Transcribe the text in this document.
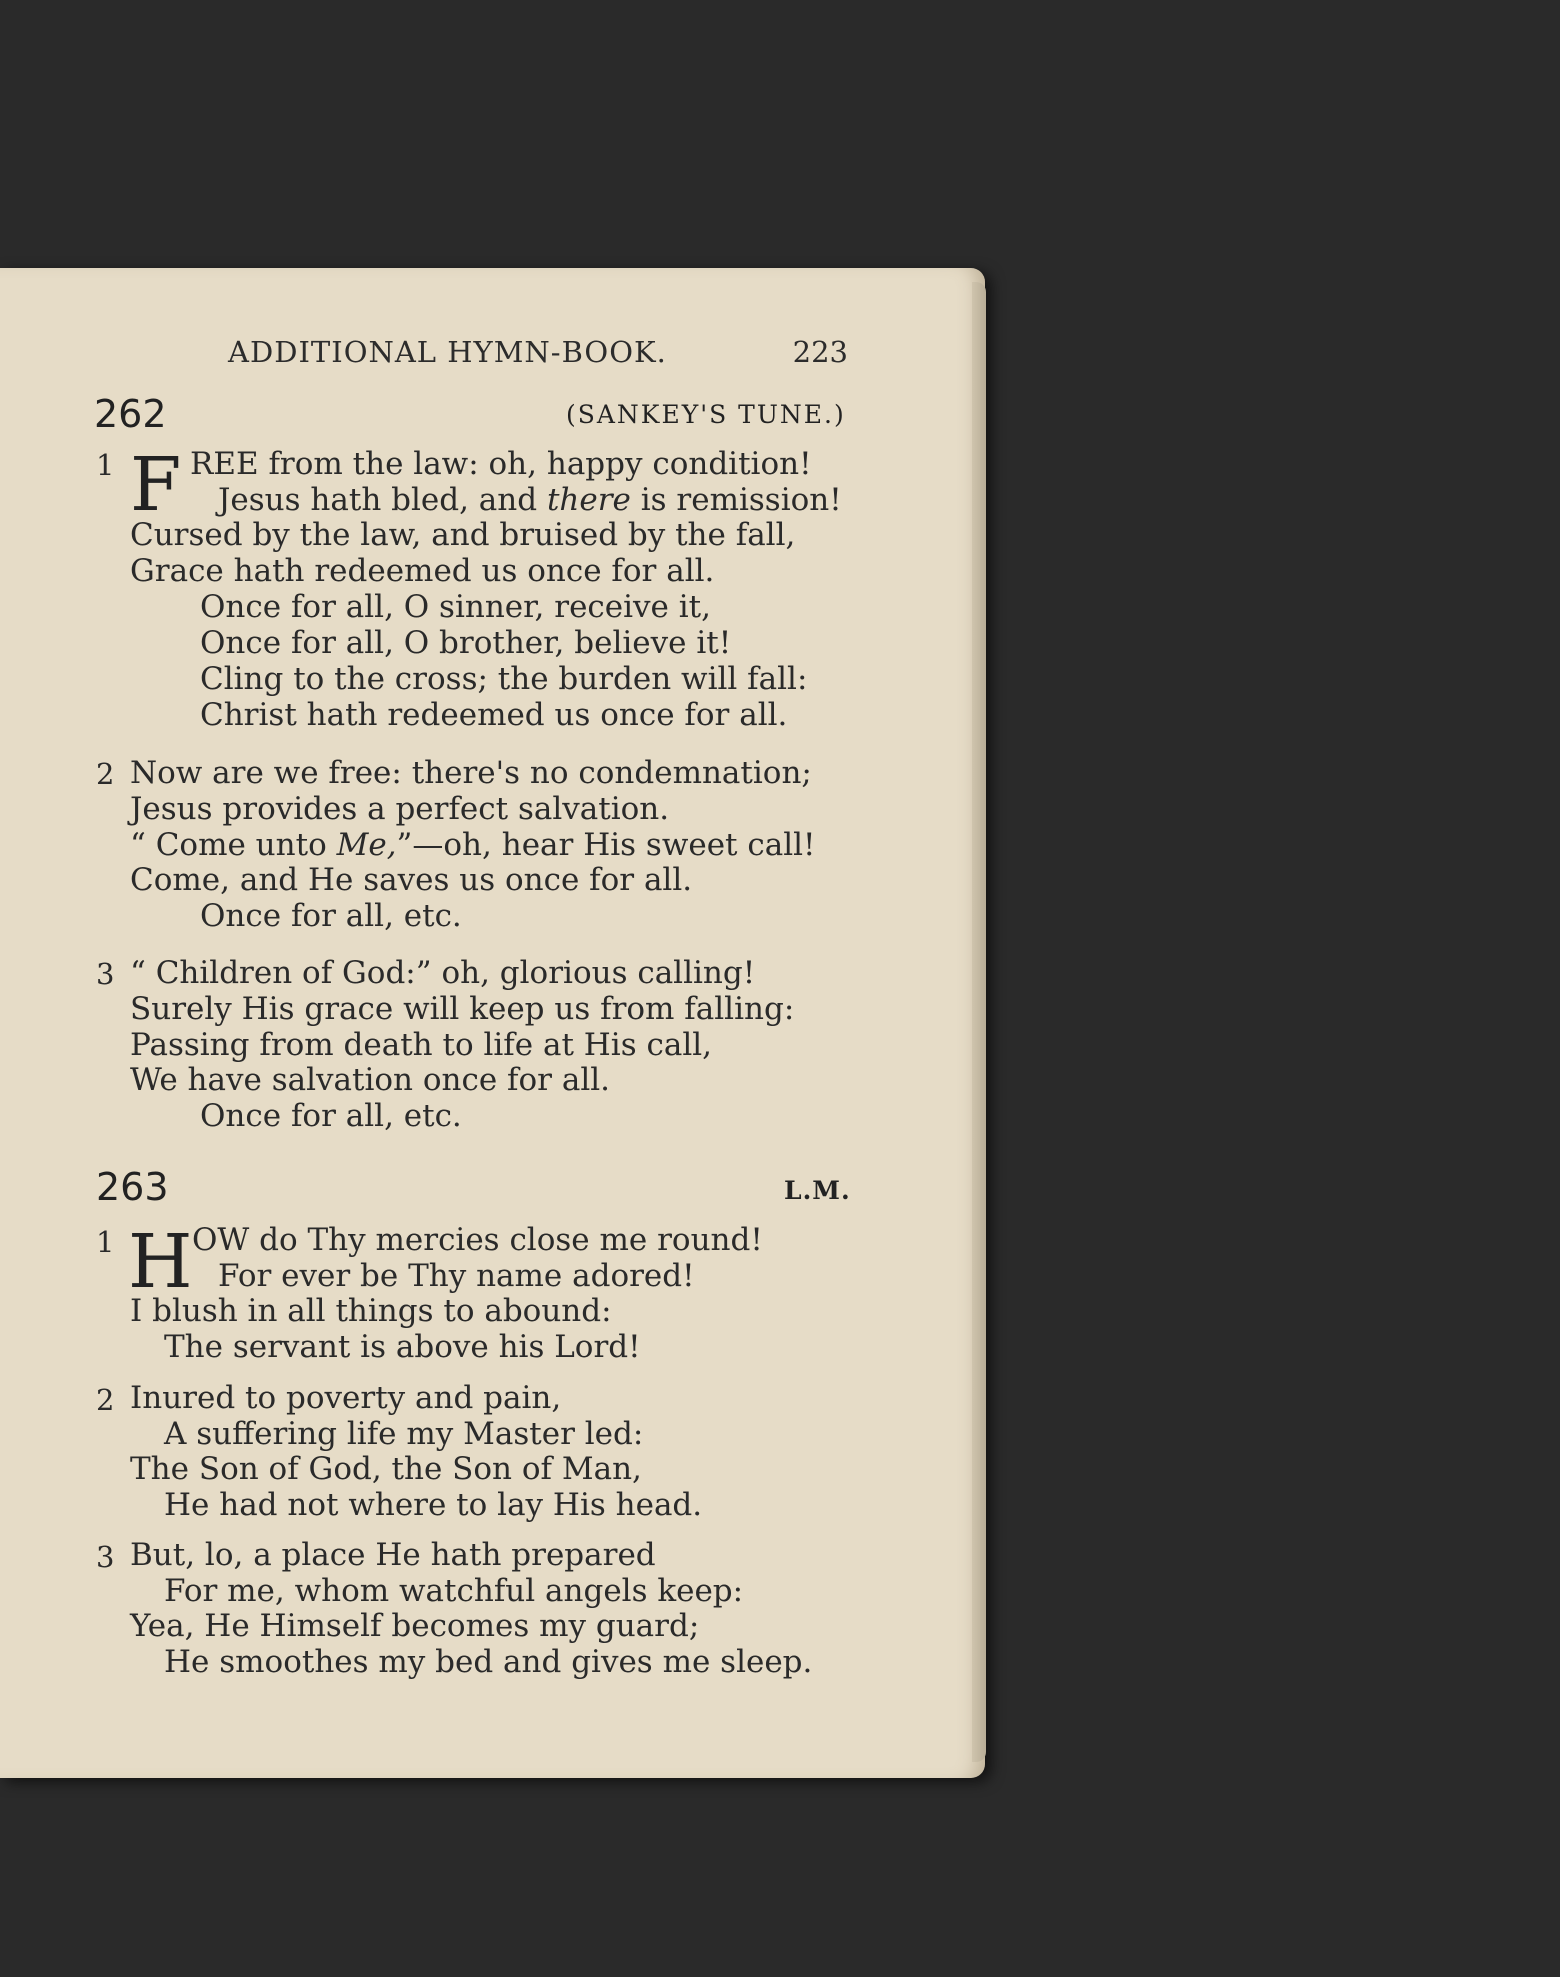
ADDITIONAL HYMN-BOOK.	223
262	(SANKEY'S TUNE.)
1 F REE from the law: oh, happy condition!
Jesus hath bled, and there is remission!
Cursed by the law, and bruised by the fall,
Grace hath redeemed us once for all.
Once for all, O sinner, receive it,
Once for all, O brother, believe it!
Cling to the cross; the burden will fall:
Christ hath redeemed us once for all.
2 Now are we free: there's no condemnation;
Jesus provides a perfect salvation.
“ Come unto Me,”—oh, hear His sweet call!
Come, and He saves us once for all.
Once for all, etc.
3 “ Children of God:” oh, glorious calling!
Surely His grace will keep us from falling:
Passing from death to life at His call,
We have salvation once for all.
Once for all, etc.
263	L.M.
1 H OW do Thy mercies close me round!
For ever be Thy name adored!
I blush in all things to abound:
The servant is above his Lord!
2 Inured to poverty and pain,
A suffering life my Master led:
The Son of God, the Son of Man,
He had not where to lay His head.
3 But, lo, a place He hath prepared
For me, whom watchful angels keep:
Yea, He Himself becomes my guard;
He smoothes my bed and gives me sleep.
